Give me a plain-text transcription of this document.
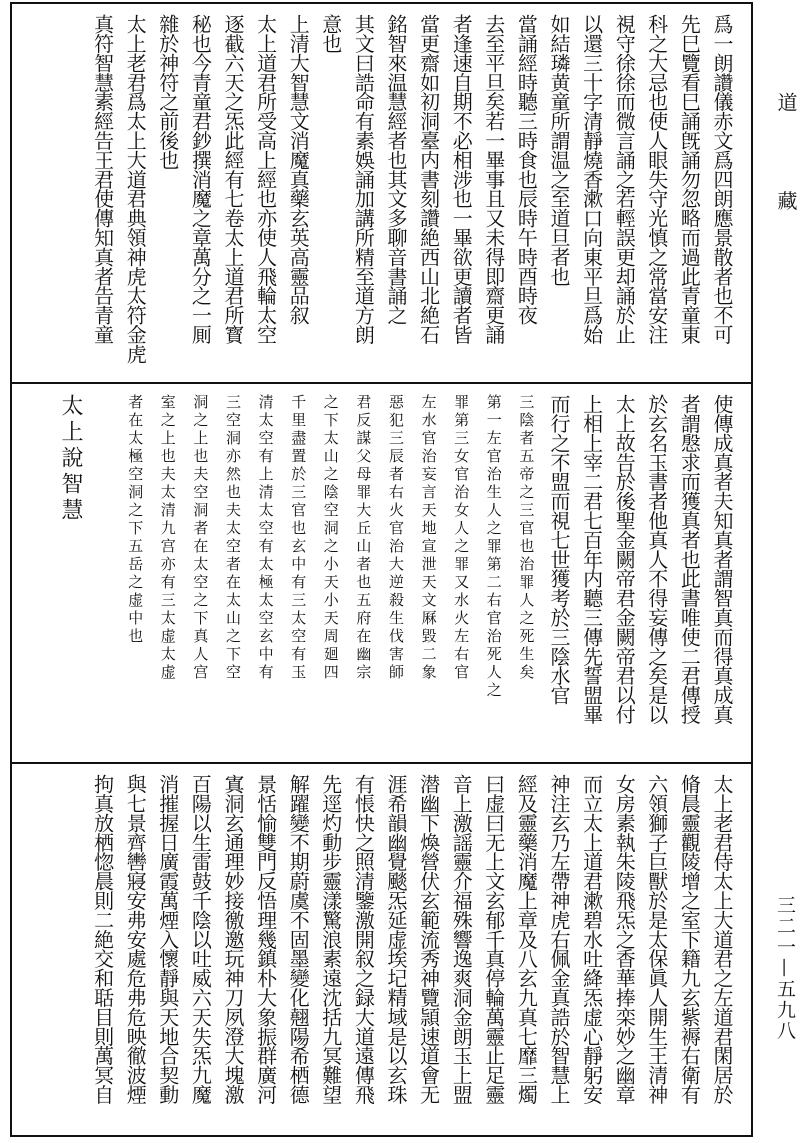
道 藏
三二一—五九八
爲一朗讚儀赤文爲四朗應景散者也不可
先巳覽看巳誦旣誦勿忽略而過此青童東
科之大忌也使人眼失守光慎之常當安注
視守徐徐而微言誦之若輕誤更却誦於止
以還三十字清靜燒香漱口向東平旦爲始
如結璘黄童所謂温之至道旦者也
當誦經時聽三時食也辰時午時酉時夜
去至平旦矣若一畢事且又未得即齋更誦
者逢速自期不必相涉也一畢欲更讀者皆
當更齋如初洞臺内書刻讚絶西山北絶石
銘智來温慧經者也其文多聊音書誦之
其文曰誥命有素娛誦加講所精至道方朗
意也
上清大智慧文消魔真藥玄英高靈品叙
太上道君所受高上經也亦使人飛輪太空
逐截六天之炁此經有七卷太上道君所寳
秘也今青童君鈔撰消魔之章萬分之一厠
雜於神符之前後也
太上老君爲太上大道君典領神虎太符金虎
真符智慧素經告王君使傳知真者告青童
使傳成真者夫知真者謂智真而得真成真
者謂慇求而獲真者也此書唯使二君傳授
於玄名玉書者他真人不得妄傳之矣是以
太上故告於後聖金闕帝君金闕帝君以付
上相上宰二君七百年内聽三傳先誓盟畢
而行之不盟而視七世獲考於三陰水官
三陰者五帝之三官也治罪人之死生矣
第一左官治生人之罪第二右官治死人之
罪第三女官治女人之罪又水火左右官
左水官治妄言天地宣泄天文厤毀二象
惡犯三辰者右火官治大逆殺生伐害師
君反謀父母罪大丘山者也五府在幽宗
之下太山之陰空洞之小天小天周廻四
千里盡置於三官也玄中有三太空有玉
清太空有上清太空有太極太空玄中有
三空洞亦然也夫太空者在太山之下空
洞之上也夫空洞者在太空之下真人宫
室之上也夫太清九宫亦有三太虚太虚
者在太極空洞之下五岳之虚中也
太上說智慧
太上老君侍太上大道君之左道君閑居於
脩晨靈觀陵增之室下籍九玄紫褥右衛有
六領獅子巨獸於是太保眞人開生王清神
女房素執朱陵飛炁之香華捧栾妙之幽章
而立太上道君漱碧水吐絳炁虚心靜躬安
神注玄乃左帶神虎右佩金真誥於智慧上
經及靈藥消魔上章及八玄九真七靡三燭
曰虚曰无上文玄郁千真停輪萬靈止足靈
音上激謡靈介福殊響逸爽洞金朗玉上盟
潜幽下煥營伏玄範流秀神覽頴速道會无
涯希韻幽覺颷炁延虚埃圮精域是以玄珠
有悵快之照清鑒激開叙之録大道遠傳飛
先逕灼動步靈漾驚浪素遠沈括九冥難望
解躍變不期蔚虞不固墨變化翹陽希栖德
景恬愉雙門反悟理幾鎮朴大象振群廣河
寘洞玄通理妙接徼邀玩神刀夙澄大塊激
百陽以生雷鼓千陰以吐威六天失炁九魔
消摧握日廣霞萬煙入懷靜與天地合契動
與七景齊轡寢安弗安處危弗危映徹波煙
拘真放栖惚晨則二絶交和聒目則萬冥自
